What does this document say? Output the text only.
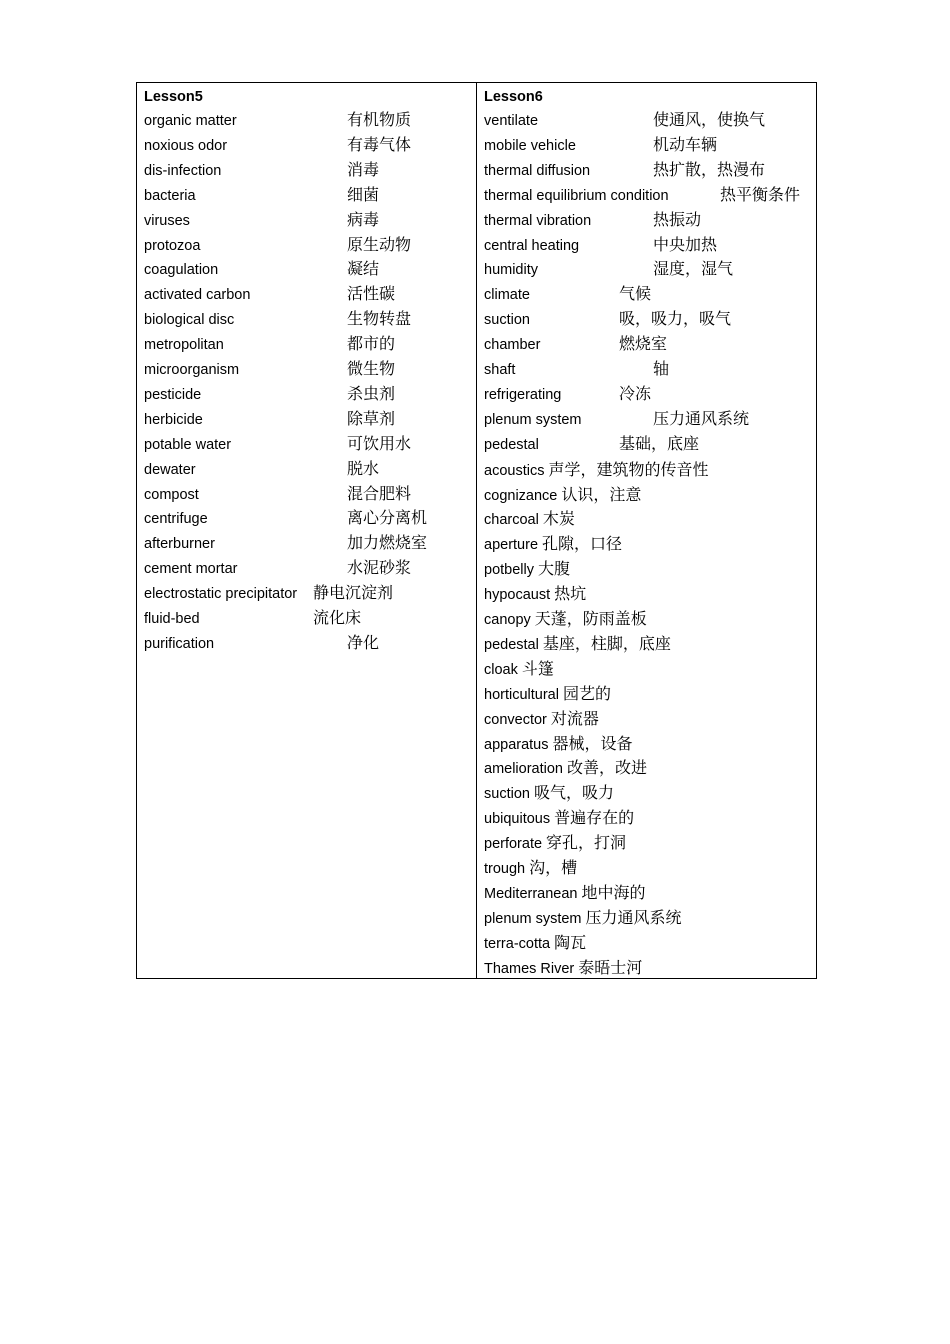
Lesson5
organic matter	有机物质
noxious odor	有毒气体
dis-infection	消毒
bacteria	细菌
viruses	病毒
protozoa	原生动物
coagulation	凝结
activated carbon	活性碳
biological disc	生物转盘
metropolitan	都市的
microorganism	微生物
pesticide	杀虫剂
herbicide	除草剂
potable water	可饮用水
dewater	脱水
compost	混合肥料
centrifuge	离心分离机
afterburner	加力燃烧室
cement mortar	水泥砂浆
electrostatic precipitator 静电沉淀剂
fluid-bed	流化床
purification	净化
Lesson6
ventilate	使通风，使换气
mobile vehicle	机动车辆
thermal diffusion	热扩散，热漫布
thermal equilibrium condition	热平衡条件
thermal vibration	热振动
central heating	中央加热
humidity	湿度，湿气
climate	气候
suction	吸，吸力，吸气
chamber	燃烧室
shaft	轴
refrigerating	冷冻
plenum system	压力通风系统
pedestal	基础，底座
acoustics 声学，建筑物的传音性
cognizance 认识，注意
charcoal 木炭
aperture 孔隙，口径
potbelly 大腹
hypocaust 热坑
canopy 天蓬，防雨盖板
pedestal 基座，柱脚，底座
cloak 斗篷
horticultural 园艺的
convector 对流器
apparatus 器械，设备
amelioration 改善，改进
suction 吸气，吸力
ubiquitous 普遍存在的
perforate 穿孔，打洞
trough 沟，槽
Mediterranean 地中海的
plenum system 压力通风系统
terra-cotta 陶瓦
Thames River 泰晤士河
